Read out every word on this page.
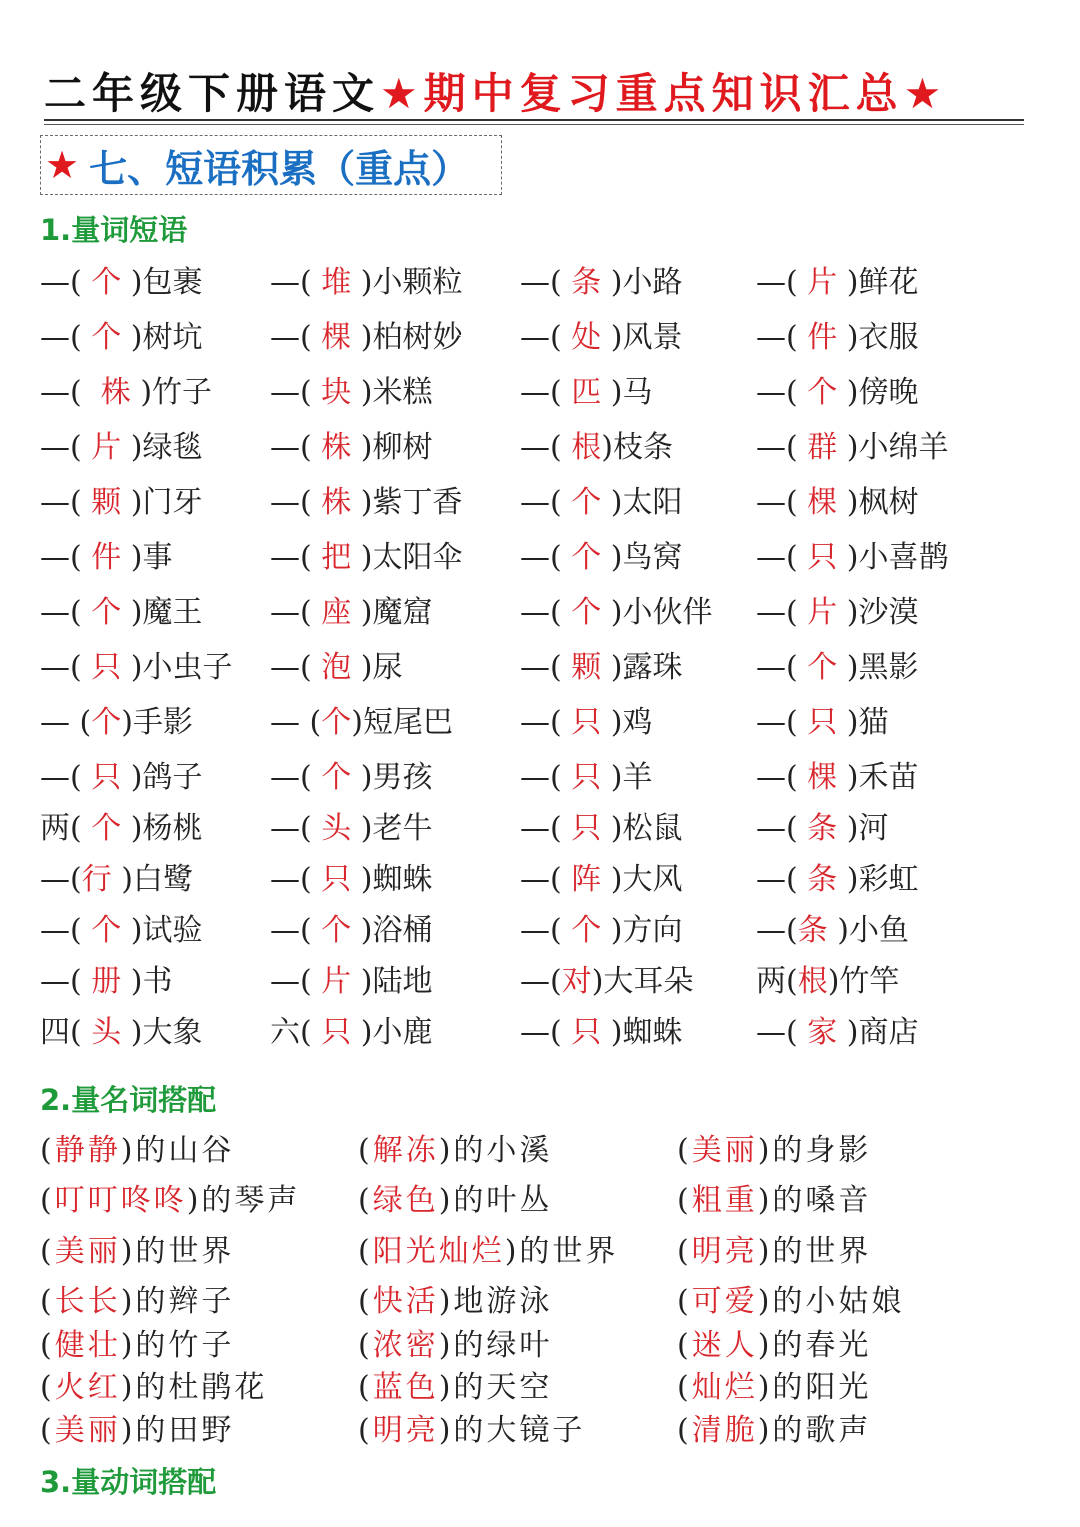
二年级下册语文★期中复习重点知识汇总★
★ 七、短语积累（重点）
1.量词短语
—( 个 )包裹 —( 堆 )小颗粒 —( 条 )小路 —( 片 )鲜花
—( 个 )树坑 —( 棵 )柏树妙 —( 处 )风景 —( 件 )衣服
—(  株 )竹子 —( 块 )米糕	—( 匹 )马	—( 个 )傍晚
—( 片 )绿毯 —( 株 )柳树	—( 根)枝条	—( 群 )小绵羊
—( 颗 )门牙 —( 株 )紫丁香 —( 个 )太阳 —( 棵 )枫树
—( 件 )事	—( 把 )太阳伞 —( 个 )鸟窝 —( 只 )小喜鹊
—( 个 )魔王 —( 座 )魔窟	—( 个 )小伙伴 —( 片 )沙漠
—( 只 )小虫子 —( 泡 )尿	—( 颗 )露珠 —( 个 )黑影
— (个)手影	— (个)短尾巴 —( 只 )鸡	—( 只 )猫
—( 只 )鸽子 —( 个 )男孩	—( 只 )羊	—( 棵 )禾苗
两( 个 )杨桃 —( 头 )老牛	—( 只 )松鼠 —( 条 )河
—(行 )白鹭	—( 只 )蜘蛛	—( 阵 )大风 —( 条 )彩虹
—( 个 )试验 —( 个 )浴桶	—( 个 )方向 —(条 )小鱼
—( 册 )书	—( 片 )陆地	—(对)大耳朵 两(根)竹竿
四( 头 )大象 六( 只 )小鹿	—( 只 )蜘蛛 —( 家 )商店
2.量名词搭配
(静静)的山谷	(解冻)的小溪	(美丽)的身影
(叮叮咚咚)的琴声 (绿色)的叶丛	(粗重)的嗓音
(美丽)的世界	(阳光灿烂)的世界 (明亮)的世界
(长长)的辫子	(快活)地游泳	(可爱)的小姑娘
(健壮)的竹子	(浓密)的绿叶	(迷人)的春光
(火红)的杜鹃花	(蓝色)的天空	(灿烂)的阳光
(美丽)的田野	(明亮)的大镜子	(清脆)的歌声
3.量动词搭配
